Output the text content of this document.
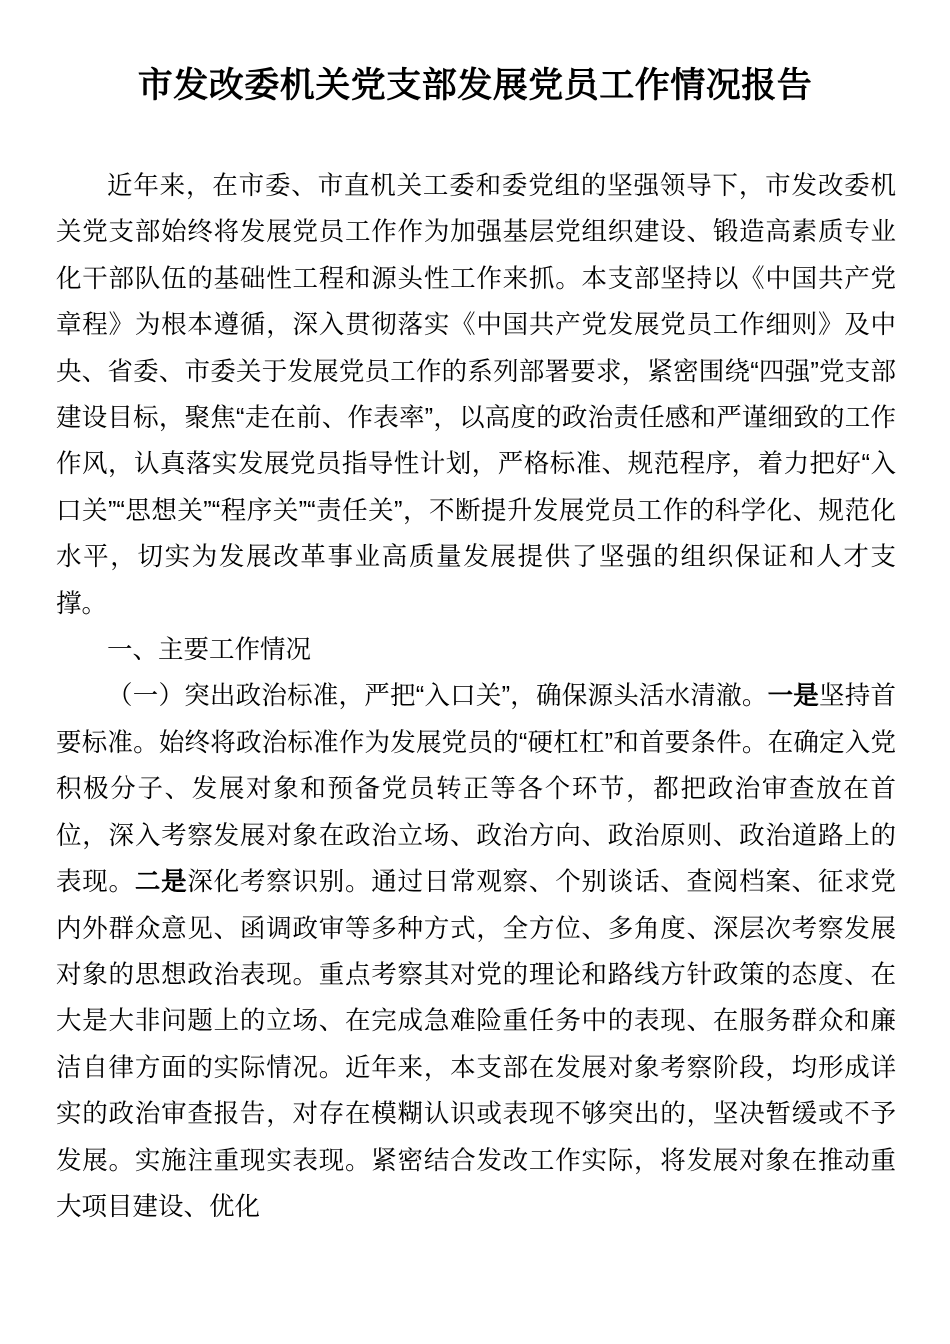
市发改委机关党支部发展党员工作情况报告

近年来，在市委、市直机关工委和委党组的坚强领导下，市发改委机关党支部始终将发展党员工作作为加强基层党组织建设、锻造高素质专业化干部队伍的基础性工程和源头性工作来抓。本支部坚持以《中国共产党章程》为根本遵循，深入贯彻落实《中国共产党发展党员工作细则》及中央、省委、市委关于发展党员工作的系列部署要求，紧密围绕“四强”党支部建设目标，聚焦“走在前、作表率”，以高度的政治责任感和严谨细致的工作作风，认真落实发展党员指导性计划，严格标准、规范程序，着力把好“入口关”“思想关”“程序关”“责任关”，不断提升发展党员工作的科学化、规范化水平，切实为发展改革事业高质量发展提供了坚强的组织保证和人才支撑。

一、主要工作情况

（一）突出政治标准，严把“入口关”，确保源头活水清澈。一是坚持首要标准。始终将政治标准作为发展党员的“硬杠杠”和首要条件。在确定入党积极分子、发展对象和预备党员转正等各个环节，都把政治审查放在首位，深入考察发展对象在政治立场、政治方向、政治原则、政治道路上的表现。二是深化考察识别。通过日常观察、个别谈话、查阅档案、征求党内外群众意见、函调政审等多种方式，全方位、多角度、深层次考察发展对象的思想政治表现。重点考察其对党的理论和路线方针政策的态度、在大是大非问题上的立场、在完成急难险重任务中的表现、在服务群众和廉洁自律方面的实际情况。近年来，本支部在发展对象考察阶段，均形成详实的政治审查报告，对存在模糊认识或表现不够突出的，坚决暂缓或不予发展。实施注重现实表现。紧密结合发改工作实际，将发展对象在推动重大项目建设、优化
